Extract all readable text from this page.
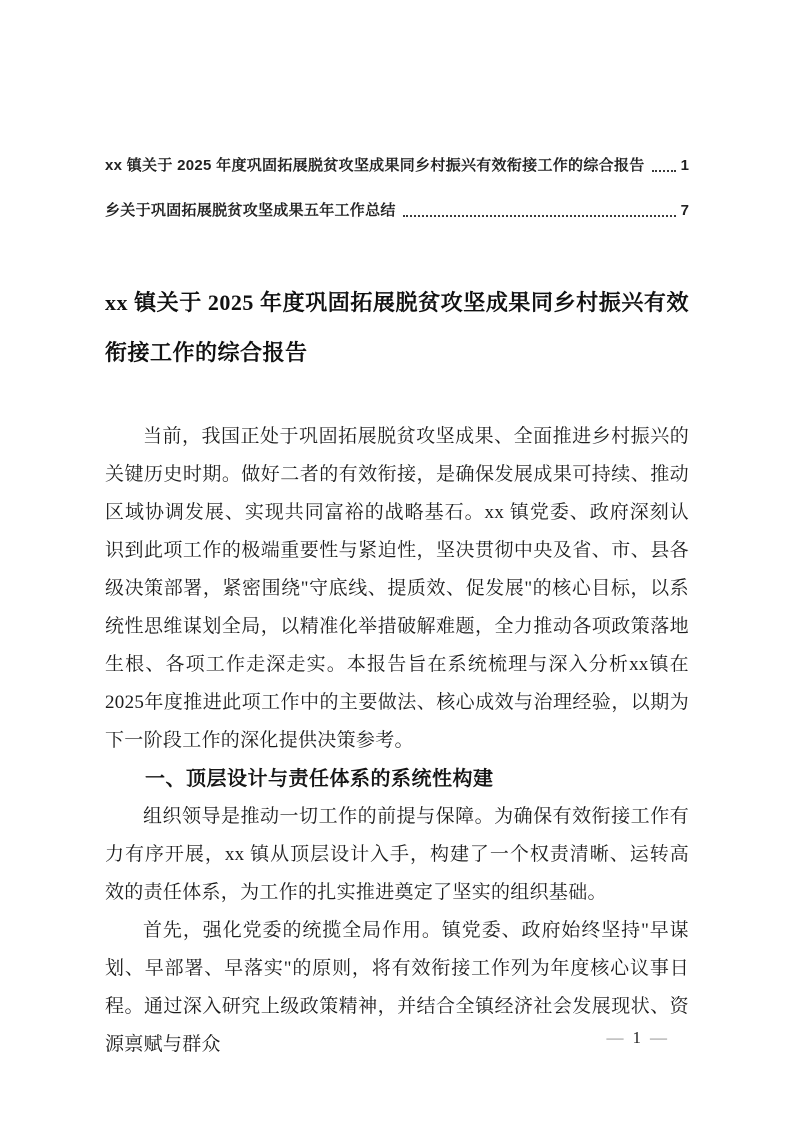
xx 镇关于 2025 年度巩固拓展脱贫攻坚成果同乡村振兴有效衔接工作的综合报告 1
乡关于巩固拓展脱贫攻坚成果五年工作总结	7
xx 镇关于 2025 年度巩固拓展脱贫攻坚成果同乡村振兴有效衔接工作的综合报告

当前，我国正处于巩固拓展脱贫攻坚成果、全面推进乡村振兴的关键历史时期。做好二者的有效衔接，是确保发展成果可持续、推动区域协调发展、实现共同富裕的战略基石。xx 镇党委、政府深刻认识到此项工作的极端重要性与紧迫性，坚决贯彻中央及省、市、县各级决策部署，紧密围绕"守底线、提质效、促发展"的核心目标，以系统性思维谋划全局，以精准化举措破解难题，全力推动各项政策落地生根、各项工作走深走实。本报告旨在系统梳理与深入分析xx镇在2025年度推进此项工作中的主要做法、核心成效与治理经验，以期为下一阶段工作的深化提供决策参考。

一、顶层设计与责任体系的系统性构建

组织领导是推动一切工作的前提与保障。为确保有效衔接工作有力有序开展，xx 镇从顶层设计入手，构建了一个权责清晰、运转高效的责任体系，为工作的扎实推进奠定了坚实的组织基础。

首先，强化党委的统揽全局作用。镇党委、政府始终坚持"早谋划、早部署、早落实"的原则，将有效衔接工作列为年度核心议事日程。通过深入研究上级政策精神，并结合全镇经济社会发展现状、资源禀赋与群众	— 1 —
